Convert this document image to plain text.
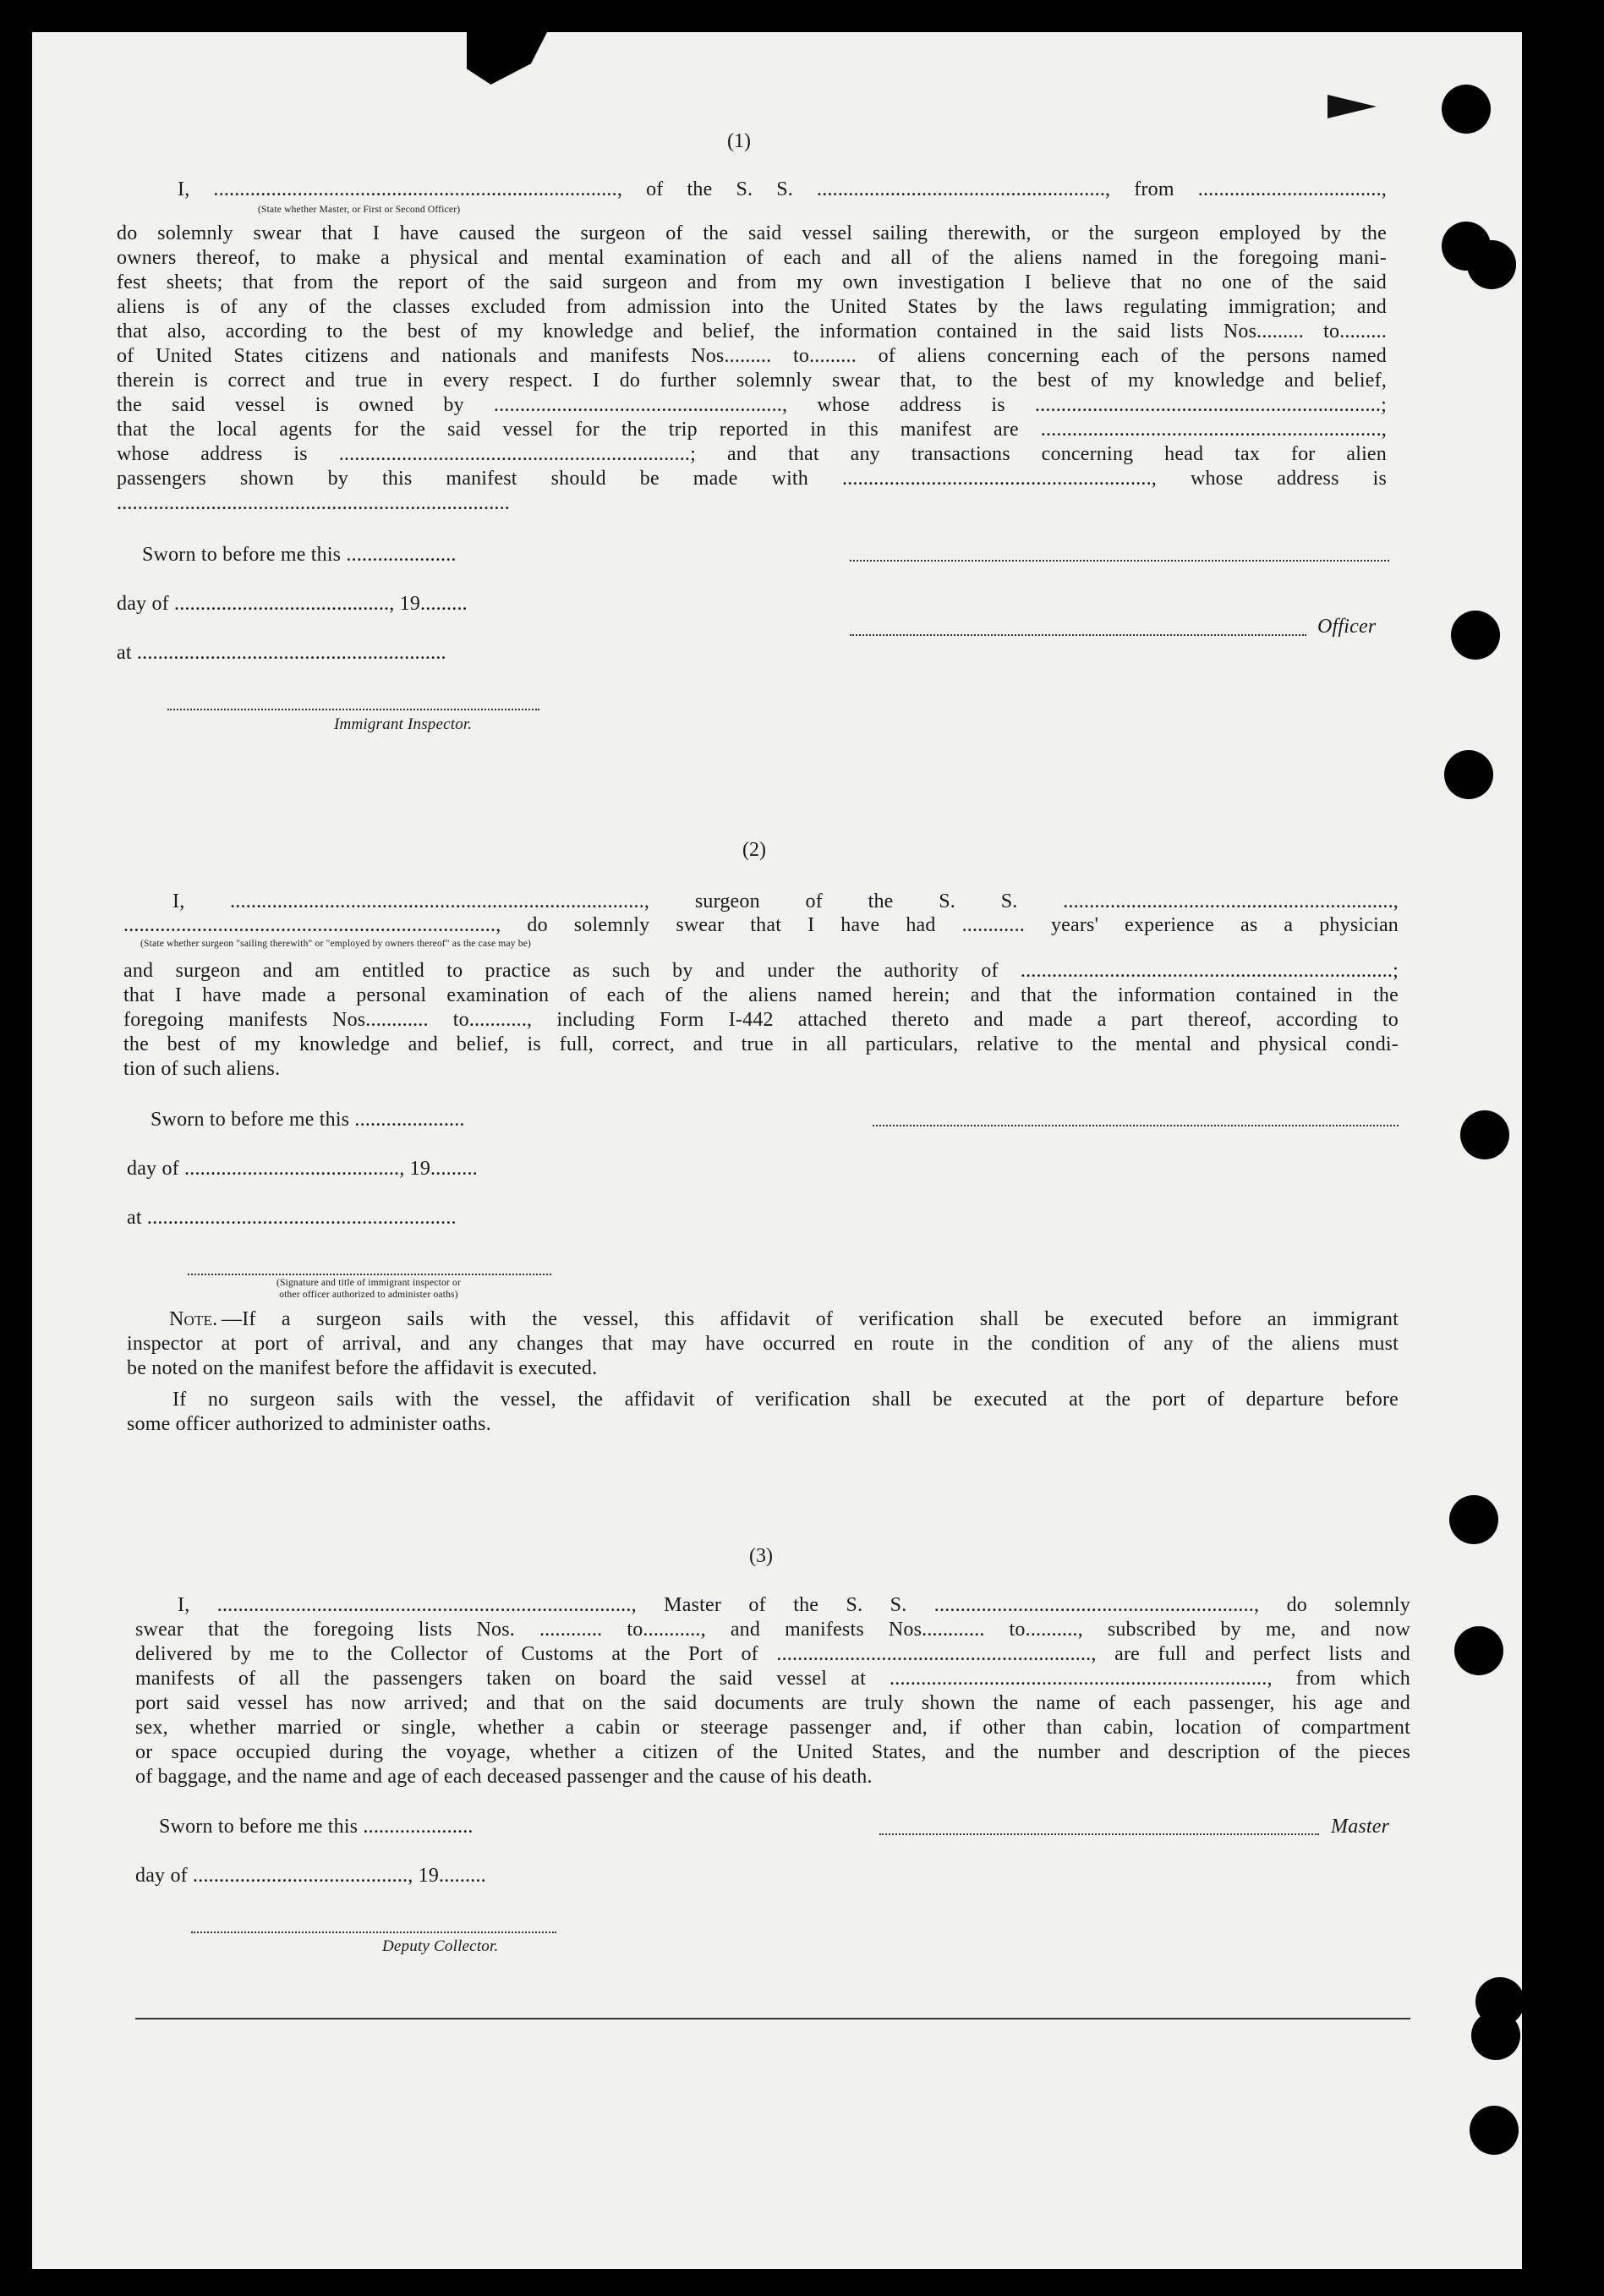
(1)
I, ............................................................................., of the S. S. ......................................................., from ...................................,
(State whether Master, or First or Second Officer)
do solemnly swear that I have caused the surgeon of the said vessel sailing therewith, or the surgeon employed by the
owners thereof, to make a physical and mental examination of each and all of the aliens named in the foregoing mani-
fest sheets; that from the report of the said surgeon and from my own investigation I believe that no one of the said
aliens is of any of the classes excluded from admission into the United States by the laws regulating immigration; and
that also, according to the best of my knowledge and belief, the information contained in the said lists Nos......... to.........
of United States citizens and nationals and manifests Nos......... to......... of aliens concerning each of the persons named
therein is correct and true in every respect. I do further solemnly swear that, to the best of my knowledge and belief,
the said vessel is owned by ......................................................., whose address is ..................................................................;
that the local agents for the said vessel for the trip reported in this manifest are .................................................................,
whose address is ...................................................................; and that any transactions concerning head tax for alien
passengers shown by this manifest should be made with ..........................................................., whose address is
...........................................................................
Sworn to before me this .....................
day of ........................................., 19.........
at ...........................................................
Immigrant Inspector.
Officer
(2)
I, ..............................................................................., surgeon of the S. S. ...............................................................,
......................................................................., do solemnly swear that I have had ............ years' experience as a physician
(State whether surgeon "sailing therewith" or "employed by owners thereof" as the case may be)
and surgeon and am entitled to practice as such by and under the authority of .......................................................................;
that I have made a personal examination of each of the aliens named herein; and that the information contained in the
foregoing manifests Nos............ to..........., including Form I-442 attached thereto and made a part thereof, according to
the best of my knowledge and belief, is full, correct, and true in all particulars, relative to the mental and physical condi-
tion of such aliens.
Sworn to before me this .....................
day of ........................................., 19.........
at ...........................................................
(Signature and title of immigrant inspector or
other officer authorized to administer oaths)
Note. —If a surgeon sails with the vessel, this affidavit of verification shall be executed before an immigrant
inspector at port of arrival, and any changes that may have occurred en route in the condition of any of the aliens must
be noted on the manifest before the affidavit is executed.
If no surgeon sails with the vessel, the affidavit of verification shall be executed at the port of departure before
some officer authorized to administer oaths.
(3)
I, ..............................................................................., Master of the S. S. ............................................................., do solemnly
swear that the foregoing lists Nos. ............ to..........., and manifests Nos............ to.........., subscribed by me, and now
delivered by me to the Collector of Customs at the Port of ............................................................, are full and perfect lists and
manifests of all the passengers taken on board the said vessel at ........................................................................, from which
port said vessel has now arrived; and that on the said documents are truly shown the name of each passenger, his age and
sex, whether married or single, whether a cabin or steerage passenger and, if other than cabin, location of compartment
or space occupied during the voyage, whether a citizen of the United States, and the number and description of the pieces
of baggage, and the name and age of each deceased passenger and the cause of his death.
Sworn to before me this .....................
day of ........................................., 19.........
Master
Deputy Collector.
